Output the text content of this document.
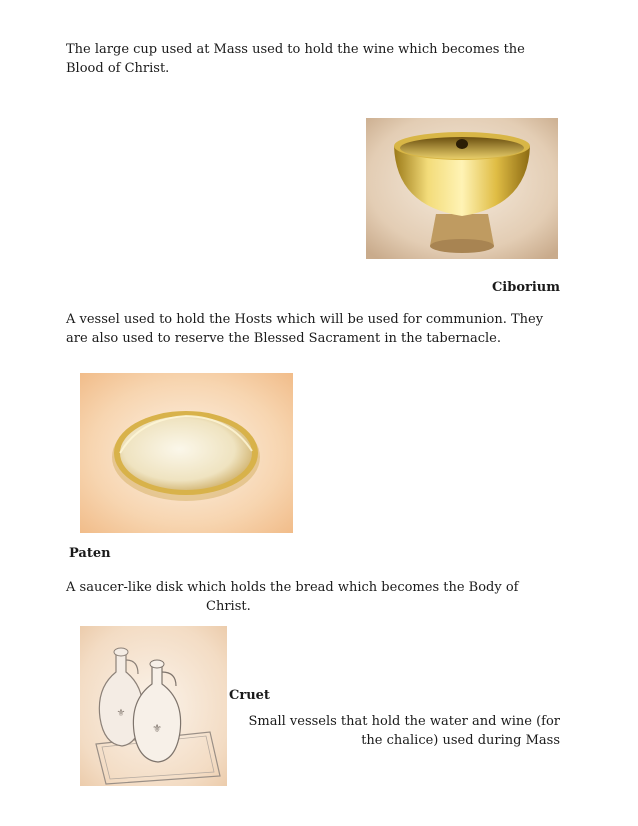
The large cup used at Mass used to hold the wine which becomes the Blood of Christ.

Ciborium

A vessel used to hold the Hosts which will be used for communion. They are also used to reserve the Blessed Sacrament in the tabernacle.

Paten

A saucer-like disk which holds the bread which becomes the Body of
Christ.

⚜
⚜

Cruet

Small vessels that hold the water and wine (for
the chalice) used during Mass
